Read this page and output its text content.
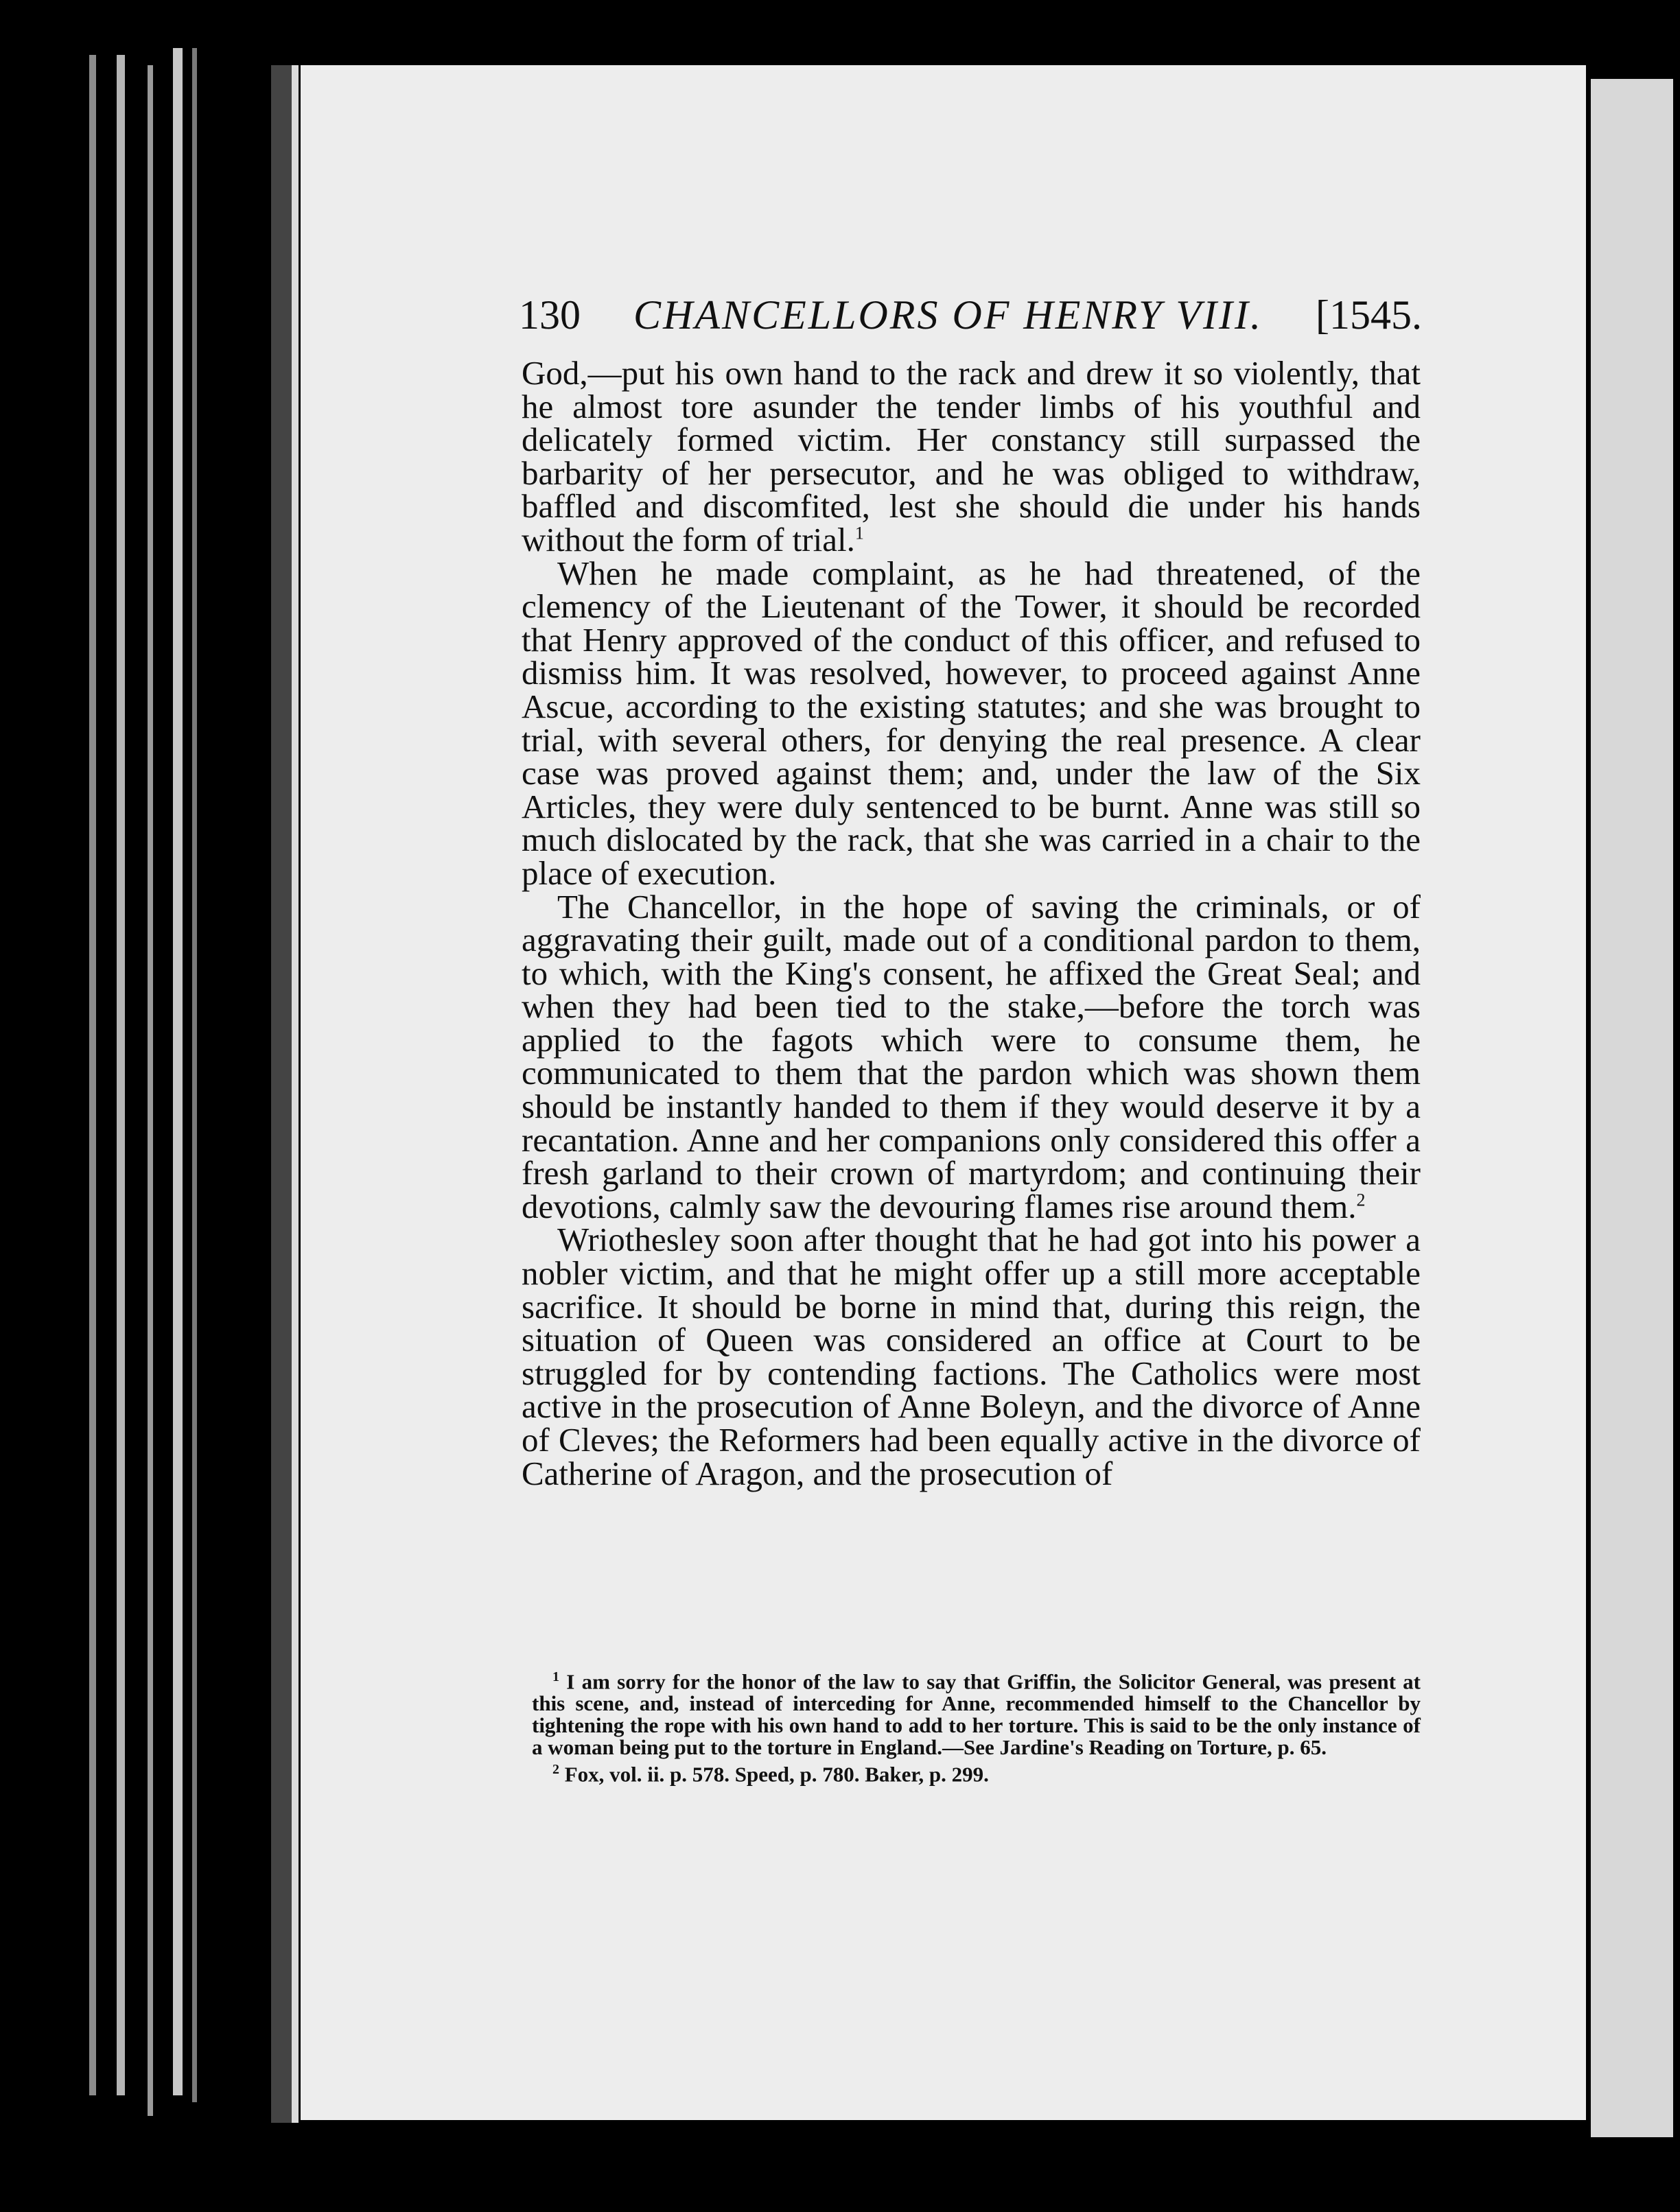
130 CHANCELLORS OF HENRY VIII. [1545.

God,—put his own hand to the rack and drew it so violently, that he almost tore asunder the tender limbs of his youthful and delicately formed victim. Her constancy still surpassed the barbarity of her persecutor, and he was obliged to withdraw, baffled and discomfited, lest she should die under his hands without the form of trial.$^1$

When he made complaint, as he had threatened, of the clemency of the Lieutenant of the Tower, it should be recorded that Henry approved of the conduct of this officer, and refused to dismiss him. It was resolved, however, to proceed against Anne Ascue, according to the existing statutes; and she was brought to trial, with several others, for denying the real presence. A clear case was proved against them; and, under the law of the Six Articles, they were duly sentenced to be burnt. Anne was still so much dislocated by the rack, that she was carried in a chair to the place of execution.

The Chancellor, in the hope of saving the criminals, or of aggravating their guilt, made out of a conditional pardon to them, to which, with the King's consent, he affixed the Great Seal; and when they had been tied to the stake,—before the torch was applied to the fagots which were to consume them, he communicated to them that the pardon which was shown them should be instantly handed to them if they would deserve it by a recantation. Anne and her companions only considered this offer a fresh garland to their crown of martyrdom; and continuing their devotions, calmly saw the devouring flames rise around them.$^2$

Wriothesley soon after thought that he had got into his power a nobler victim, and that he might offer up a still more acceptable sacrifice. It should be borne in mind that, during this reign, the situation of Queen was considered an office at Court to be struggled for by contending factions. The Catholics were most active in the prosecution of Anne Boleyn, and the divorce of Anne of Cleves; the Reformers had been equally active in the divorce of Catherine of Aragon, and the prosecution of

$^1$ I am sorry for the honor of the law to say that Griffin, the Solicitor General, was present at this scene, and, instead of interceding for Anne, recommended himself to the Chancellor by tightening the rope with his own hand to add to her torture. This is said to be the only instance of a woman being put to the torture in England.—See Jardine's Reading on Torture, p. 65.

$^2$ Fox, vol. ii. p. 578. Speed, p. 780. Baker, p. 299.
